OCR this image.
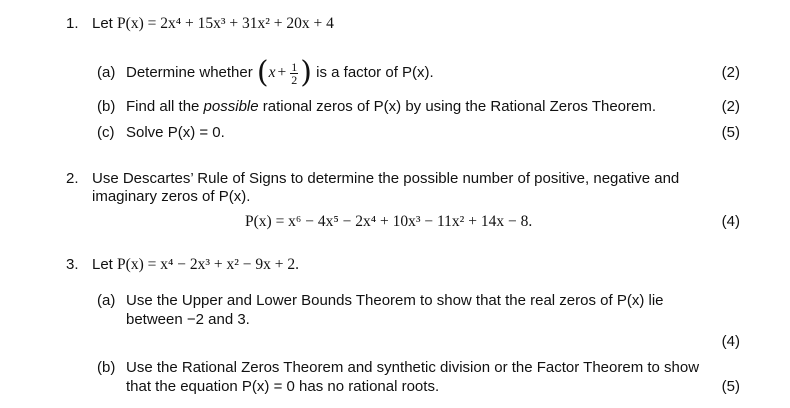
1. Let P(x) = 2x⁴ + 15x³ + 31x² + 20x + 4
(a) Determine whether ($x + \frac{1}{2}$ ) is a factor of P(x).	(2)
(b) Find all the possible rational zeros of P(x) by using the Rational Zeros Theorem.	(2)
(c) Solve P(x) = 0.	(5)
2. Use Descartes’ Rule of Signs to determine the possible number of positive, negative and
imaginary zeros of P(x).
P(x) = x⁶ − 4x⁵ − 2x⁴ + 10x³ − 11x² + 14x − 8.	(4)
3. Let P(x) = x⁴ − 2x³ + x² − 9x + 2.
(a) Use the Upper and Lower Bounds Theorem to show that the real zeros of P(x) lie
between −2 and 3.
(4)
(b) Use the Rational Zeros Theorem and synthetic division or the Factor Theorem to show
that the equation P(x) = 0 has no rational roots.	(5)
